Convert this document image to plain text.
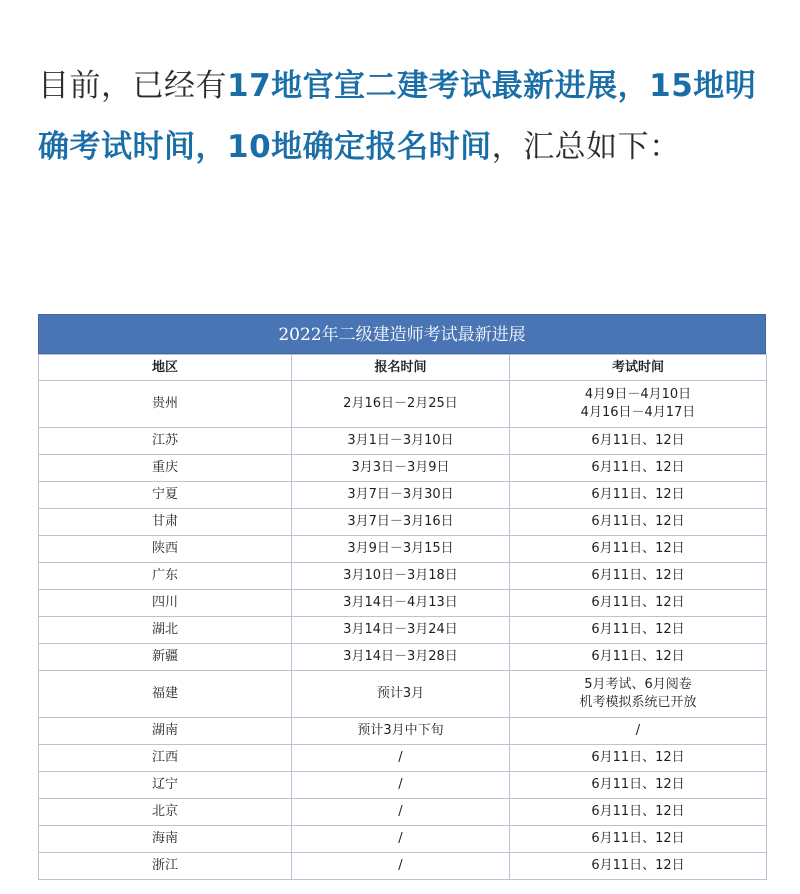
目前，已经有17地官宣二建考试最新进展，15地明确考试时间，10地确定报名时间，汇总如下：

2022年二级建造师考试最新进展
地区	报名时间	考试时间
贵州	2月16日－2月25日	4月9日－4月10日
4月16日－4月17日

江苏	3月1日－3月10日	6月11日、12日

重庆	3月3日－3月9日	6月11日、12日

宁夏	3月7日－3月30日	6月11日、12日

甘肃	3月7日－3月16日	6月11日、12日

陕西	3月9日－3月15日	6月11日、12日

广东	3月10日－3月18日	6月11日、12日

四川	3月14日－4月13日	6月11日、12日

湖北	3月14日－3月24日	6月11日、12日

新疆	3月14日－3月28日	6月11日、12日

福建	预计3月	5月考试、6月阅卷
机考模拟系统已开放

湖南	预计3月中下旬	/

江西	/	6月11日、12日

辽宁	/	6月11日、12日

北京	/	6月11日、12日

海南	/	6月11日、12日

浙江	/	6月11日、12日
